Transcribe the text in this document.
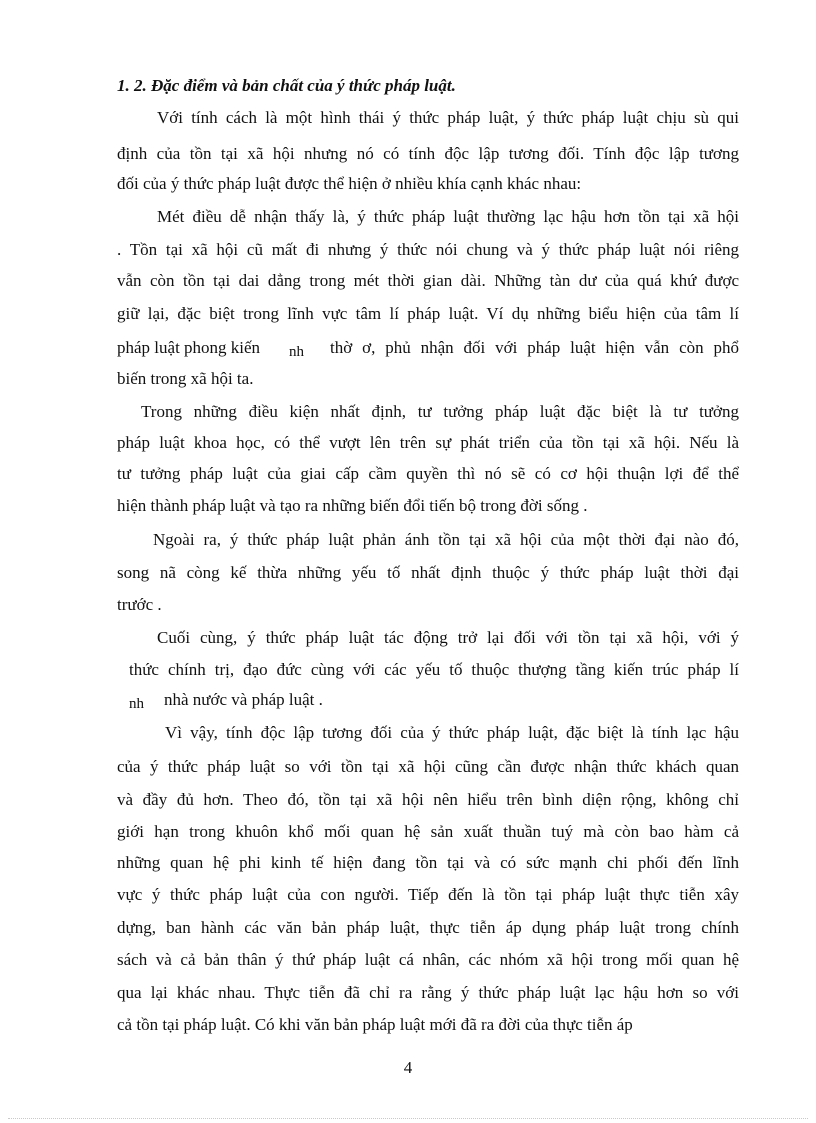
1. 2. Đặc điểm và bản chất của ý thức pháp luật.
Với tính cách là một hình thái ý thức pháp luật, ý thức pháp luật chịu sù qui
định của tồn tại xã hội nhưng nó có tính độc lập tương đối. Tính độc lập tương
đối của ý thức pháp luật được thể hiện ở nhiều khía cạnh khác nhau:
Mét điều dễ nhận thấy là, ý thức pháp luật thường lạc hậu hơn tồn tại xã hội
. Tồn tại xã hội cũ mất đi nhưng ý thức nói chung và ý thức pháp luật nói riêng
vẫn còn tồn tại dai dẳng trong mét thời gian dài. Những tàn dư của quá khứ được
giữ lại, đặc biệt trong lĩnh vực tâm lí pháp luật. Ví dụ những biểu hiện của tâm lí
pháp luật phong kiến nh thờ ơ, phủ nhận đối với pháp luật hiện vẫn còn phổ
biến trong xã hội ta.
Trong những điều kiện nhất định, tư tưởng pháp luật đặc biệt là tư tưởng
pháp luật khoa học, có thể vượt lên trên sự phát triển của tồn tại xã hội. Nếu là
tư tưởng pháp luật của giai cấp cầm quyền thì nó sẽ có cơ hội thuận lợi để thể
hiện thành pháp luật và tạo ra những biến đổi tiến bộ trong đời sống .
Ngoài ra, ý thức pháp luật phản ánh tồn tại xã hội của một thời đại nào đó,
song nã còng kế thừa những yếu tố nhất định thuộc ý thức pháp luật thời đại
trước .
Cuối cùng, ý thức pháp luật tác động trở lại đối với tồn tại xã hội, với ý
thức chính trị, đạo đức cùng với các yếu tố thuộc thượng tầng kiến trúc pháp lí
nh nhà nước và pháp luật .
Vì vậy, tính độc lập tương đối của ý thức pháp luật, đặc biệt là tính lạc hậu
của ý thức pháp luật so với tồn tại xã hội cũng cần được nhận thức khách quan
và đầy đủ hơn. Theo đó, tồn tại xã hội nên hiểu trên bình diện rộng, không chỉ
giới hạn trong khuôn khổ mối quan hệ sản xuất thuần tuý mà còn bao hàm cả
những quan hệ phi kinh tế hiện đang tồn tại và có sức mạnh chi phối đến lĩnh
vực ý thức pháp luật của con người. Tiếp đến là tồn tại pháp luật thực tiễn xây
dựng, ban hành các văn bản pháp luật, thực tiễn áp dụng pháp luật trong chính
sách và cả bản thân ý thứ pháp luật cá nhân, các nhóm xã hội trong mối quan hệ
qua lại khác nhau. Thực tiễn đã chỉ ra rằng ý thức pháp luật lạc hậu hơn so với
cả tồn tại pháp luật. Có khi văn bản pháp luật mới đã ra đời của thực tiễn áp
4
